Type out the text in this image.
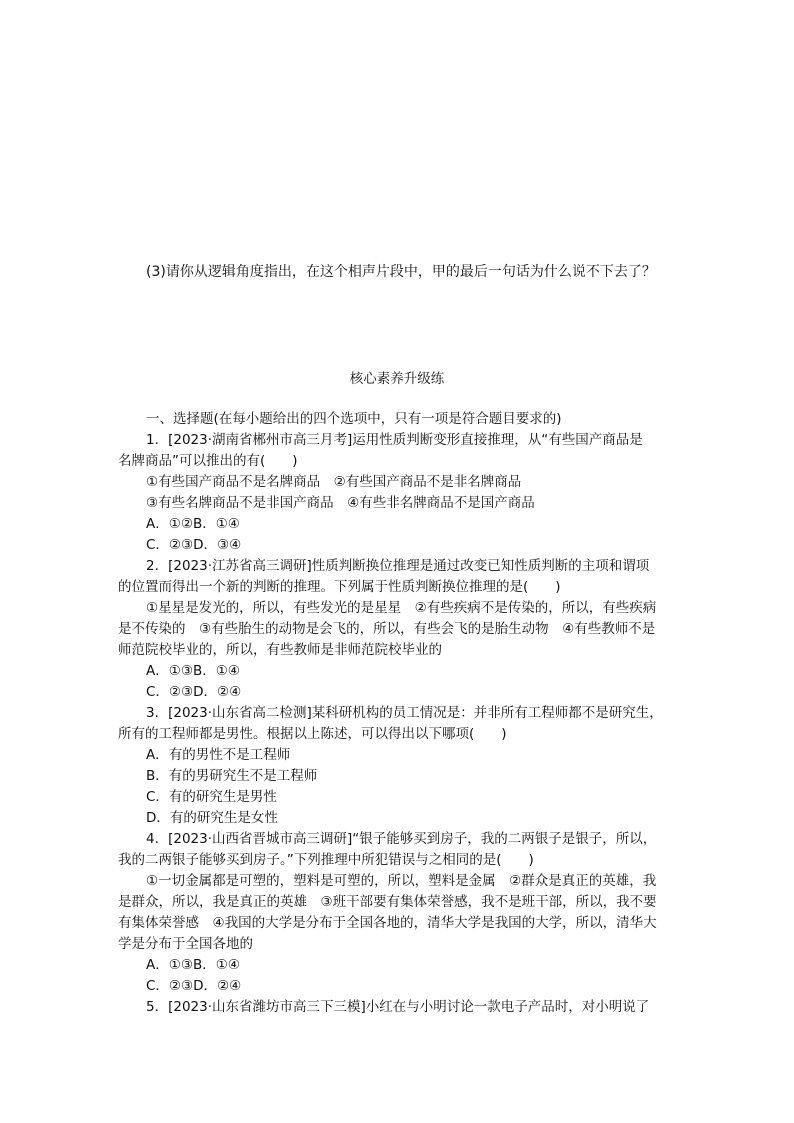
(3)请你从逻辑角度指出，在这个相声片段中，甲的最后一句话为什么说不下去了？
核心素养升级练
一、选择题(在每小题给出的四个选项中，只有一项是符合题目要求的)
1．[2023·湖南省郴州市高三月考]运用性质判断变形直接推理，从“有些国产商品是
名牌商品”可以推出的有(　　)
①有些国产商品不是名牌商品　②有些国产商品不是非名牌商品
③有些名牌商品不是非国产商品　④有些非名牌商品不是国产商品
A．①②B．①④
C．②③D．③④
2．[2023·江苏省高三调研]性质判断换位推理是通过改变已知性质判断的主项和谓项
的位置而得出一个新的判断的推理。下列属于性质判断换位推理的是(　　)
①星星是发光的，所以，有些发光的是星星　②有些疾病不是传染的，所以，有些疾病
是不传染的　③有些胎生的动物是会飞的，所以，有些会飞的是胎生动物　④有些教师不是
师范院校毕业的，所以，有些教师是非师范院校毕业的
A．①③B．①④
C．②③D．②④
3．[2023·山东省高二检测]某科研机构的员工情况是：并非所有工程师都不是研究生，
所有的工程师都是男性。根据以上陈述，可以得出以下哪项(　　)
A．有的男性不是工程师
B．有的男研究生不是工程师
C．有的研究生是男性
D．有的研究生是女性
4．[2023·山西省晋城市高三调研]“银子能够买到房子，我的二两银子是银子，所以，
我的二两银子能够买到房子。”下列推理中所犯错误与之相同的是(　　)
①一切金属都是可塑的，塑料是可塑的，所以，塑料是金属　②群众是真正的英雄，我
是群众，所以，我是真正的英雄　③班干部要有集体荣誉感，我不是班干部，所以，我不要
有集体荣誉感　④我国的大学是分布于全国各地的，清华大学是我国的大学，所以，清华大
学是分布于全国各地的
A．①③B．①④
C．②③D．②④
5．[2023·山东省潍坊市高三下三模]小红在与小明讨论一款电子产品时，对小明说了
